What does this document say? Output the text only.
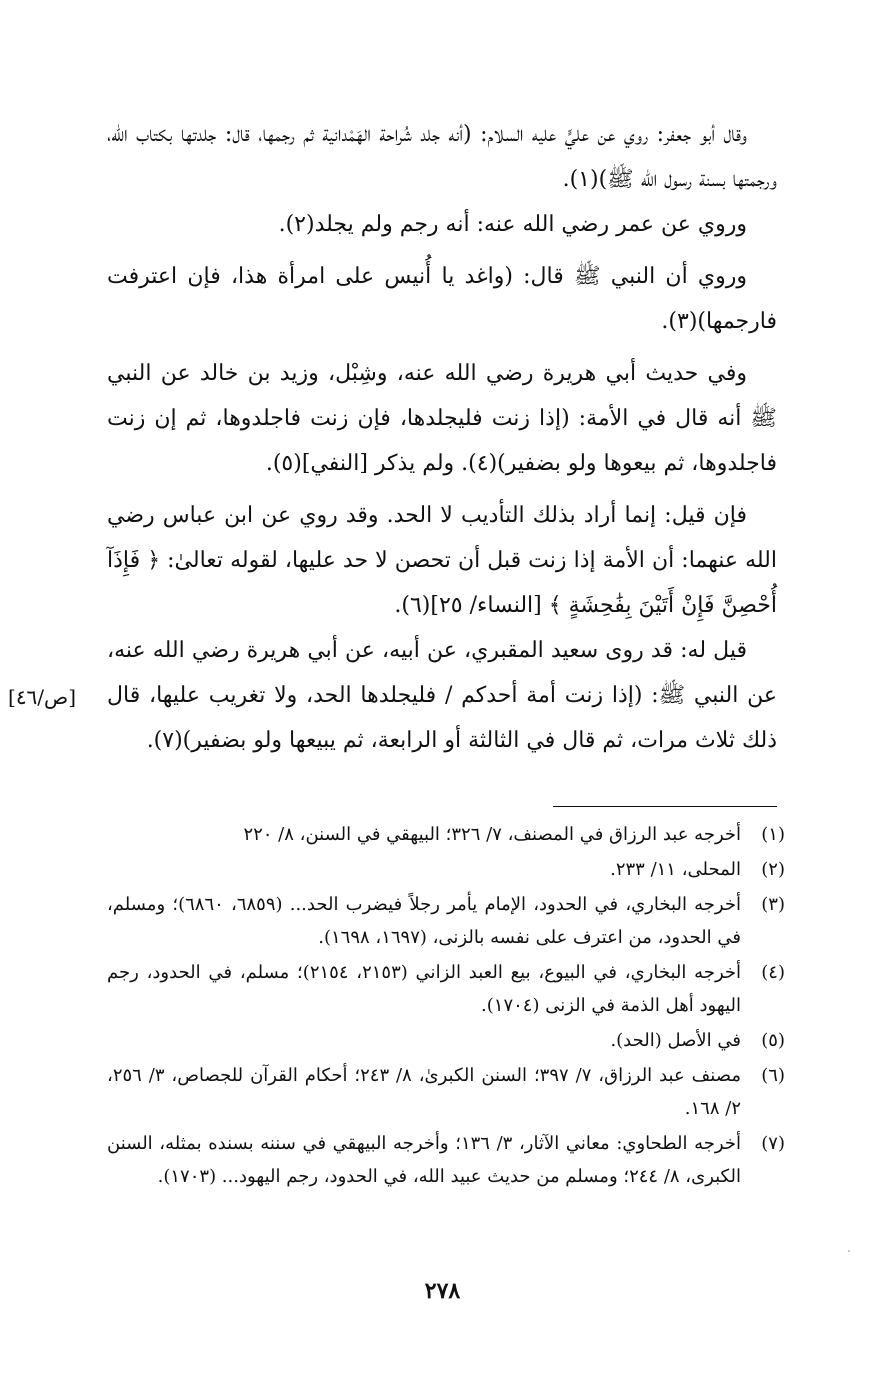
وقال أبو جعفر: روي عن عليٍّ عليه السلام: (أنه جلد شُراحة الهَمْدانية ثم رجمها، قال: جلدتها بكتاب الله، ورجمتها بسنة رسول الله ﷺ)(١).

وروي عن عمر رضي الله عنه: أنه رجم ولم يجلد(٢).

وروي أن النبي ﷺ قال: (واغد يا أُنيس على امرأة هذا، فإن اعترفت فارجمها)(٣).

وفي حديث أبي هريرة رضي الله عنه، وشِبْل، وزيد بن خالد عن النبي ﷺ أنه قال في الأمة: (إذا زنت فليجلدها، فإن زنت فاجلدوها، ثم إن زنت فاجلدوها، ثم بيعوها ولو بضفير)(٤). ولم يذكر [النفي](٥).

فإن قيل: إنما أراد بذلك التأديب لا الحد. وقد روي عن ابن عباس رضي الله عنهما: أن الأمة إذا زنت قبل أن تحصن لا حد عليها، لقوله تعالىٰ: ﴿ فَإِذَآ أُحْصِنَّ فَإِنْ أَتَيْنَ بِفَٰحِشَةٍ ﴾ [النساء/ ٢٥](٦).

قيل له: قد روى سعيد المقبري، عن أبيه، عن أبي هريرة رضي الله عنه، عن النبي ﷺ: (إذا زنت أمة أحدكم / فليجلدها الحد، ولا تغريب عليها، قال ذلك ثلاث مرات، ثم قال في الثالثة أو الرابعة، ثم يبيعها ولو بضفير)(٧).

[ص/٤٦]
(١)
أخرجه عبد الرزاق في المصنف، ٧/ ٣٢٦؛ البيهقي في السنن، ٨/ ٢٢٠
(٢)
المحلى، ١١/ ٢٣٣.
(٣)
أخرجه البخاري، في الحدود، الإمام يأمر رجلاً فيضرب الحد... (٦٨٥٩، ٦٨٦٠)؛ ومسلم، في الحدود، من اعترف على نفسه بالزنى، (١٦٩٧، ١٦٩٨).
(٤)
أخرجه البخاري، في البيوع، بيع العبد الزاني (٢١٥٣، ٢١٥٤)؛ مسلم، في الحدود، رجم اليهود أهل الذمة في الزنى (١٧٠٤).
(٥)
في الأصل (الحد).
(٦)
مصنف عبد الرزاق، ٧/ ٣٩٧؛ السنن الكبرىٰ، ٨/ ٢٤٣؛ أحكام القرآن للجصاص، ٣/ ٢٥٦، ٢/ ١٦٨.
(٧)
أخرجه الطحاوي: معاني الآثار، ٣/ ١٣٦؛ وأخرجه البيهقي في سننه بسنده بمثله، السنن الكبرى، ٨/ ٢٤٤؛ ومسلم من حديث عبيد الله، في الحدود، رجم اليهود... (١٧٠٣).
٢٧٨
